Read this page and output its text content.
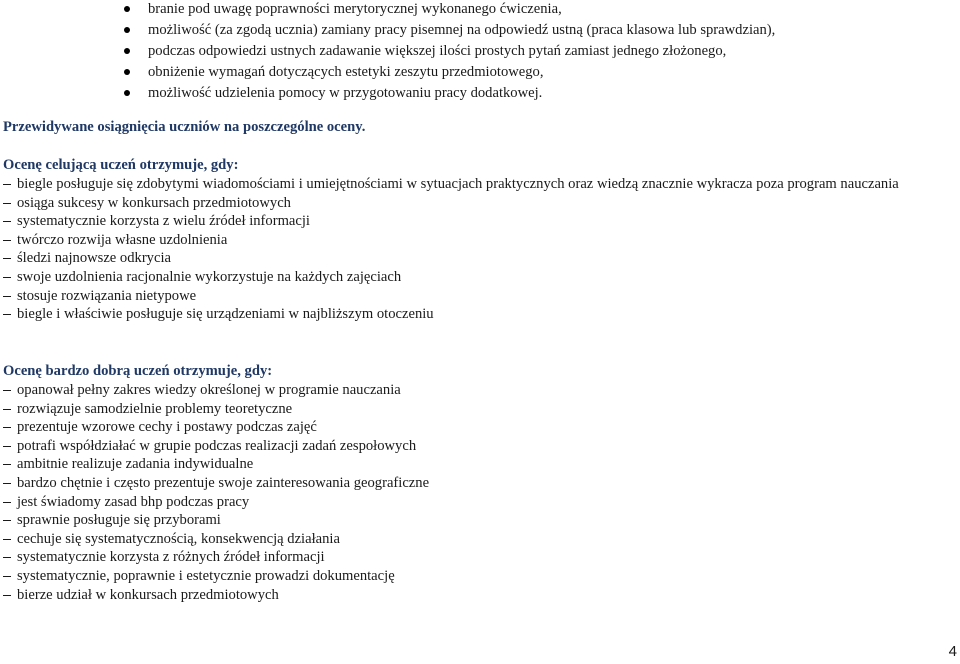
branie pod uwagę poprawności merytorycznej wykonanego ćwiczenia,
możliwość (za zgodą ucznia) zamiany pracy pisemnej na odpowiedź ustną (praca klasowa lub sprawdzian),
podczas odpowiedzi ustnych zadawanie większej ilości prostych pytań zamiast jednego złożonego,
obniżenie wymagań dotyczących estetyki zeszytu przedmiotowego,
możliwość udzielenia pomocy w przygotowaniu pracy dodatkowej.
Przewidywane osiągnięcia uczniów na poszczególne oceny.
Ocenę celującą uczeń otrzymuje, gdy:
biegle posługuje się zdobytymi wiadomościami i umiejętnościami w sytuacjach praktycznych oraz wiedzą znacznie wykracza poza program nauczania
osiąga sukcesy w konkursach przedmiotowych
systematycznie korzysta z wielu źródeł informacji
twórczo rozwija własne uzdolnienia
śledzi najnowsze odkrycia
swoje uzdolnienia racjonalnie wykorzystuje na każdych zajęciach
stosuje rozwiązania nietypowe
biegle i właściwie posługuje się urządzeniami w najbliższym otoczeniu
Ocenę bardzo dobrą uczeń otrzymuje, gdy:
opanował pełny zakres wiedzy określonej w programie nauczania
rozwiązuje samodzielnie problemy teoretyczne
prezentuje wzorowe cechy i postawy podczas zajęć
potrafi współdziałać w grupie podczas realizacji zadań zespołowych
ambitnie realizuje zadania indywidualne
bardzo chętnie i często prezentuje swoje zainteresowania geograficzne
jest świadomy zasad bhp podczas pracy
sprawnie posługuje się przyborami
cechuje się systematycznością, konsekwencją działania
systematycznie korzysta z różnych źródeł informacji
systematycznie, poprawnie i estetycznie prowadzi dokumentację
bierze udział w konkursach przedmiotowych
4
